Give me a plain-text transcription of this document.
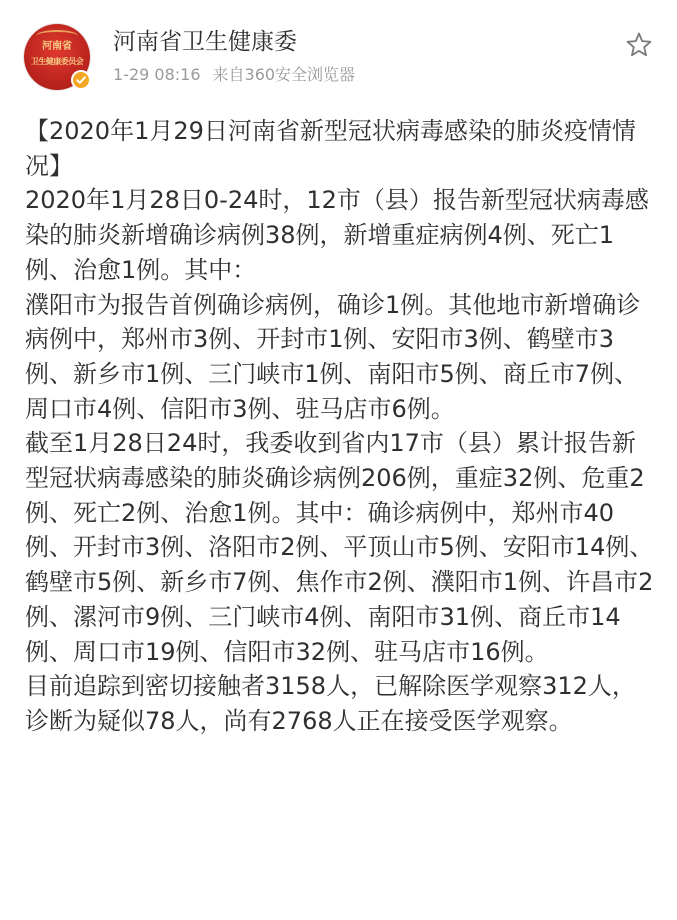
河南省
卫生健康委员会
河南省卫生健康委
1-29 08:16 来自360安全浏览器

【2020年1月29日河南省新型冠状病毒感染的肺炎疫情情况】

2020年1月28日0-24时，12市（县）报告新型冠状病毒感染的肺炎新增确诊病例38例，新增重症病例4例、死亡1例、治愈1例。其中：

濮阳市为报告首例确诊病例，确诊1例。其他地市新增确诊病例中，郑州市3例、开封市1例、安阳市3例、鹤壁市3例、新乡市1例、三门峡市1例、南阳市5例、商丘市7例、周口市4例、信阳市3例、驻马店市6例。

截至1月28日24时，我委收到省内17市（县）累计报告新型冠状病毒感染的肺炎确诊病例206例，重症32例、危重2例、死亡2例、治愈1例。其中：确诊病例中，郑州市40例、开封市3例、洛阳市2例、平顶山市5例、安阳市14例、鹤壁市5例、新乡市7例、焦作市2例、濮阳市1例、许昌市2例、漯河市9例、三门峡市4例、南阳市31例、商丘市14例、周口市19例、信阳市32例、驻马店市16例。

目前追踪到密切接触者3158人，已解除医学观察312人，诊断为疑似78人，尚有2768人正在接受医学观察。
